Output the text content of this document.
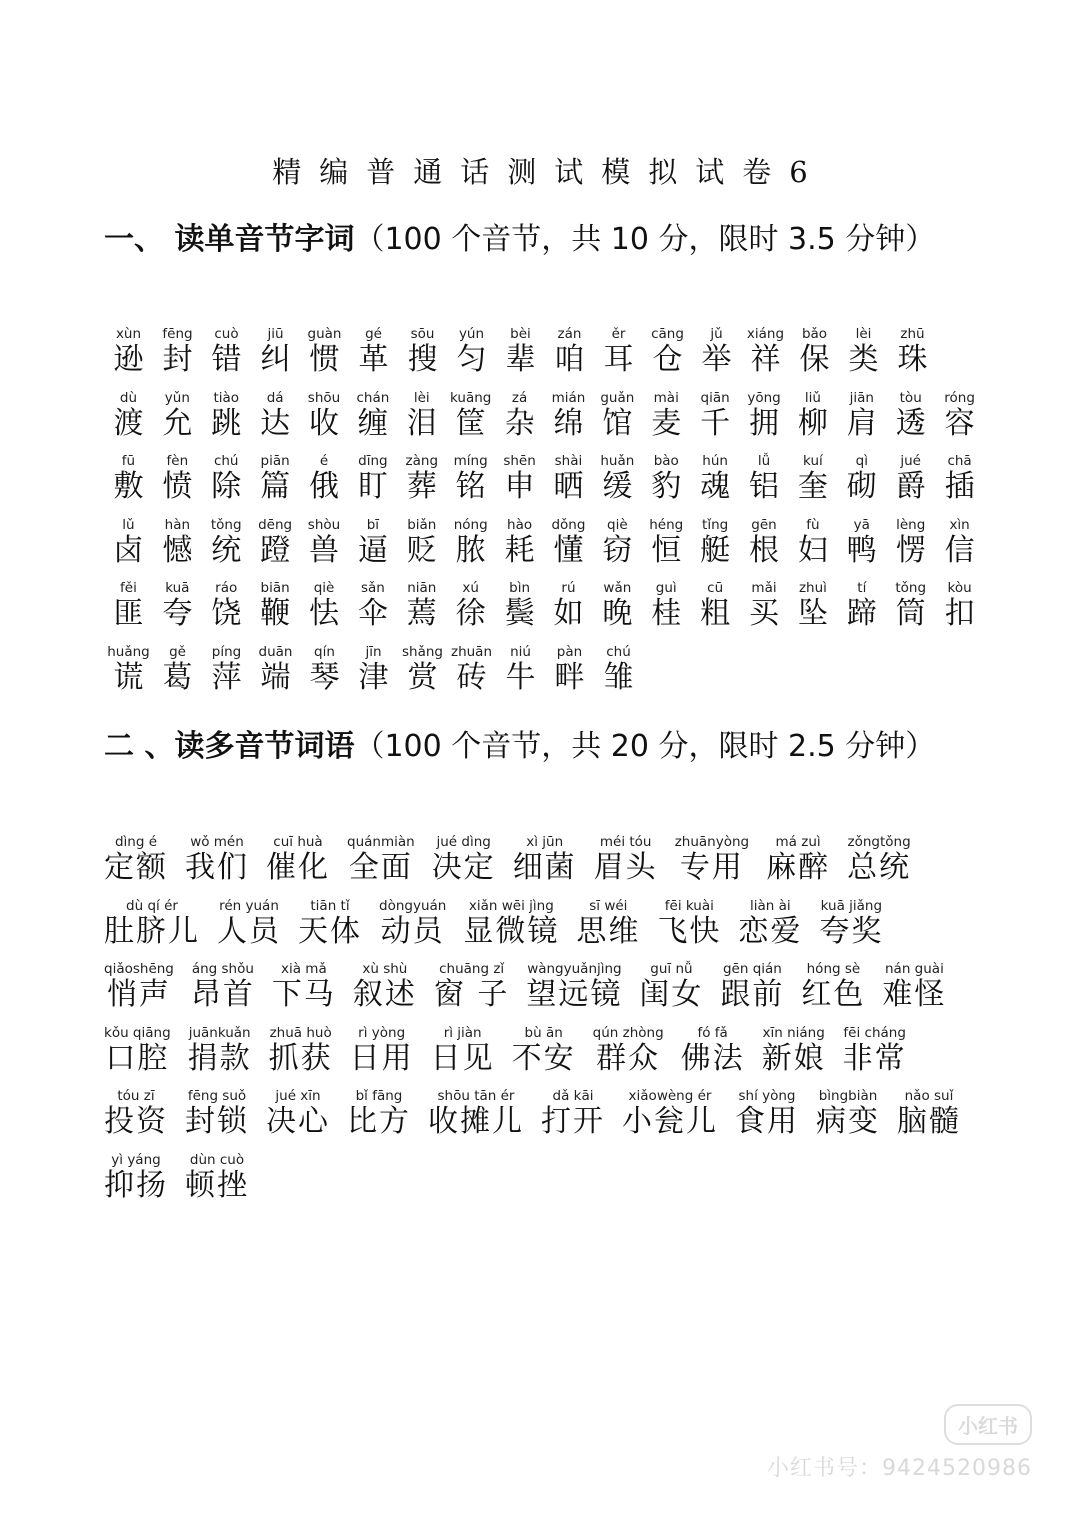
精编普通话测试模拟试卷6
一、 读单音节字词（100 个音节，共 10 分，限时 3.5 分钟）
xùn
逊
fēng
封
cuò
错
jiū
纠
guàn
惯
gé
革
sōu
搜
yún
匀
bèi
辈
zán
咱
ěr
耳
cāng
仓
jǔ
举
xiáng
祥
bǎo
保
lèi
类
zhū
珠
dù
渡
yǔn
允
tiào
跳
dá
达
shōu
收
chán
缠
lèi
泪
kuāng
筐
zá
杂
mián
绵
guǎn
馆
mài
麦
qiān
千
yōng
拥
liǔ
柳
jiān
肩
tòu
透
róng
容
fū
敷
fèn
愤
chú
除
piān
篇
é
俄
dīng
盯
zàng
葬
míng
铭
shēn
申
shài
晒
huǎn
缓
bào
豹
hún
魂
lǚ
铝
kuí
奎
qì
砌
jué
爵
chā
插
lǔ
卤
hàn
憾
tǒng
统
dēng
蹬
shòu
兽
bī
逼
biǎn
贬
nóng
脓
hào
耗
dǒng
懂
qiè
窃
héng
恒
tǐng
艇
gēn
根
fù
妇
yā
鸭
lèng
愣
xìn
信
fěi
匪
kuā
夸
ráo
饶
biān
鞭
qiè
怯
sǎn
伞
niān
蔫
xú
徐
bìn
鬓
rú
如
wǎn
晚
guì
桂
cū
粗
mǎi
买
zhuì
坠
tí
蹄
tǒng
筒
kòu
扣
huǎng
谎
gě
葛
píng
萍
duān
端
qín
琴
jīn
津
shǎng
赏
zhuān
砖
niú
牛
pàn
畔
chú
雏
二 、读多音节词语（100 个音节，共 20 分，限时 2.5 分钟）
dìng é
定额
wǒ mén
我们
cuī huà
催化
quánmiàn
全面
jué dìng
决定
xì jūn
细菌
méi tóu
眉头
zhuānyòng
专用
má zuì
麻醉
zǒngtǒng
总统
dù qí ér
肚脐儿
rén yuán
人员
tiān tǐ
天体
dòngyuán
动员
xiǎn wēi jìng
显微镜
sī wéi
思维
fēi kuài
飞快
liàn ài
恋爱
kuā jiǎng
夸奖
qiǎoshēng
悄声
áng shǒu
昂首
xià mǎ
下马
xù shù
叙述
chuāng zǐ
窗 子
wàngyuǎnjìng
望远镜
guī nǚ
闺女
gēn qián
跟前
hóng sè
红色
nán guài
难怪
kǒu qiāng
口腔
juānkuǎn
捐款
zhuā huò
抓获
rì yòng
日用
rì jiàn
日见
bù ān
不安
qún zhòng
群众
fó fǎ
佛法
xīn niáng
新娘
fēi cháng
非常
tóu zī
投资
fēng suǒ
封锁
jué xīn
决心
bǐ fāng
比方
shōu tān ér
收摊儿
dǎ kāi
打开
xiǎowèng ér
小瓮儿
shí yòng
食用
bìngbiàn
病变
nǎo suǐ
脑髓
yì yáng
抑扬
dùn cuò
顿挫
小红书

小红书号：9424520986
